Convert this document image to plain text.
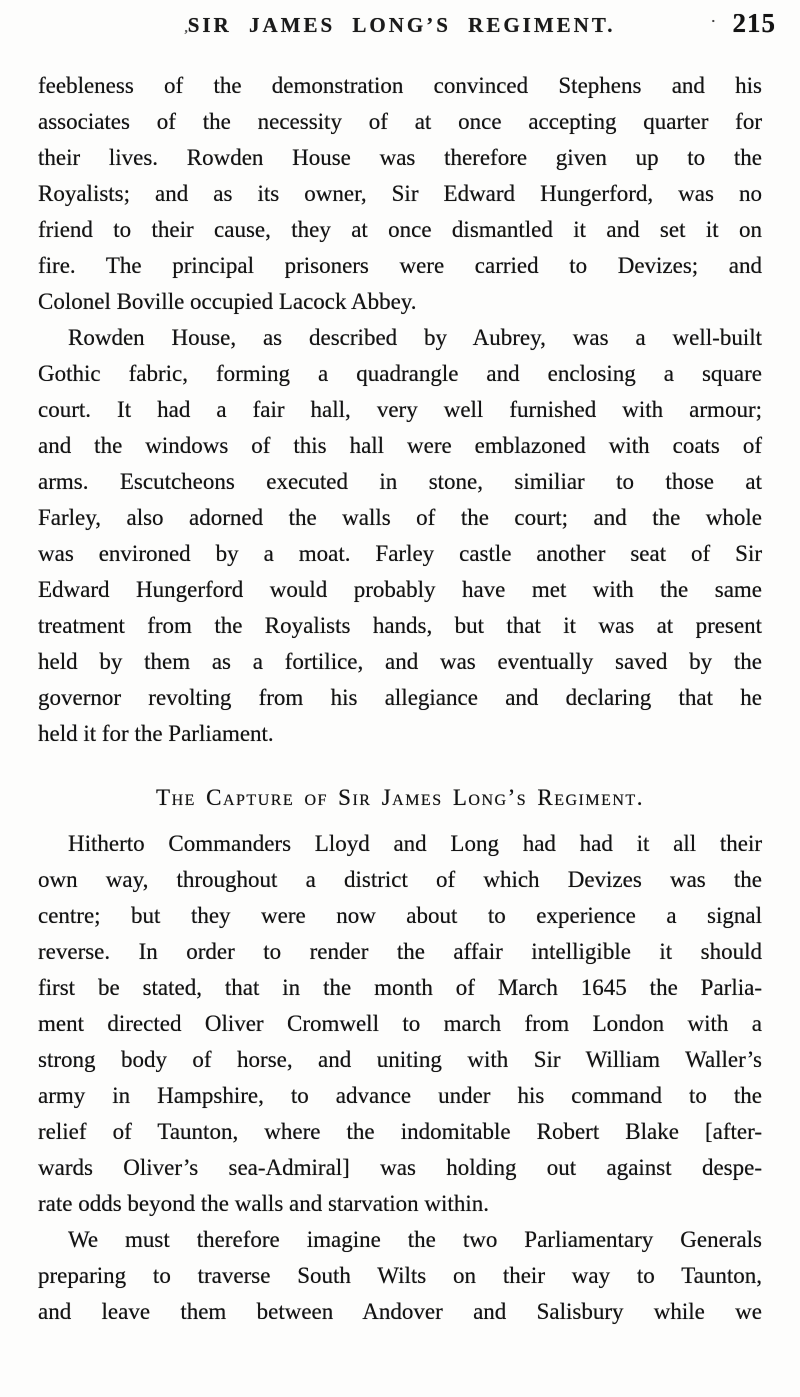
,SIR JAMES LONG’S REGIMENT.	· 215
feebleness of the demonstration convinced Stephens and his
associates of the necessity of at once accepting quarter for
their lives. Rowden House was therefore given up to the
Royalists; and as its owner, Sir Edward Hungerford, was no
friend to their cause, they at once dismantled it and set it on
fire. The principal prisoners were carried to Devizes; and
Colonel Boville occupied Lacock Abbey.
Rowden House, as described by Aubrey, was a well-built
Gothic fabric, forming a quadrangle and enclosing a square
court. It had a fair hall, very well furnished with armour;
and the windows of this hall were emblazoned with coats of
arms. Escutcheons executed in stone, similiar to those at
Farley, also adorned the walls of the court; and the whole
was environed by a moat. Farley castle another seat of Sir
Edward Hungerford would probably have met with the same
treatment from the Royalists hands, but that it was at present
held by them as a fortilice, and was eventually saved by the
governor revolting from his allegiance and declaring that he
held it for the Parliament.
The Capture of Sir James Long’s Regiment.
Hitherto Commanders Lloyd and Long had had it all their
own way, throughout a district of which Devizes was the
centre; but they were now about to experience a signal
reverse. In order to render the affair intelligible it should
first be stated, that in the month of March 1645 the Parlia-
ment directed Oliver Cromwell to march from London with a
strong body of horse, and uniting with Sir William Waller’s
army in Hampshire, to advance under his command to the
relief of Taunton, where the indomitable Robert Blake [after-
wards Oliver’s sea-Admiral] was holding out against despe-
rate odds beyond the walls and starvation within.
We must therefore imagine the two Parliamentary Generals
preparing to traverse South Wilts on their way to Taunton,
and leave them between Andover and Salisbury while we
